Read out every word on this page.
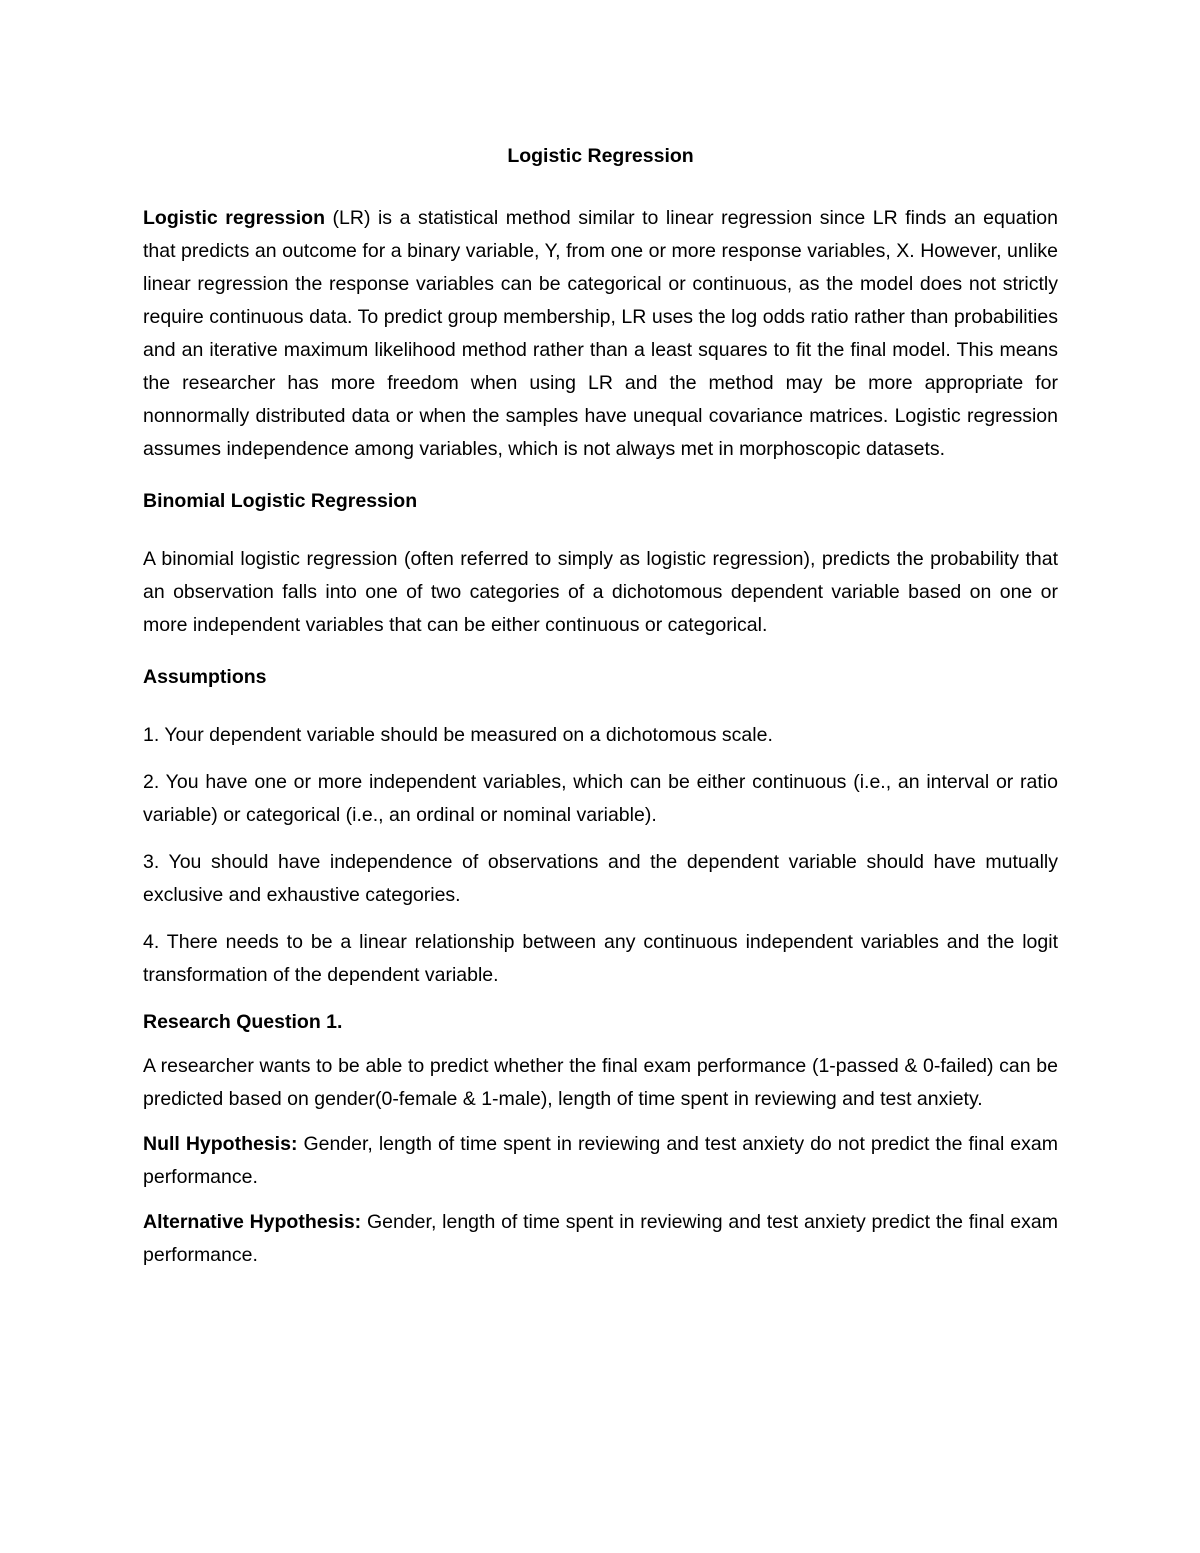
Logistic Regression

Logistic regression (LR) is a statistical method similar to linear regression since LR finds an equation that predicts an outcome for a binary variable, Y, from one or more response variables, X. However, unlike linear regression the response variables can be categorical or continuous, as the model does not strictly require continuous data. To predict group membership, LR uses the log odds ratio rather than probabilities and an iterative maximum likelihood method rather than a least squares to fit the final model. This means the researcher has more freedom when using LR and the method may be more appropriate for nonnormally distributed data or when the samples have unequal covariance matrices. Logistic regression assumes independence among variables, which is not always met in morphoscopic datasets.

Binomial Logistic Regression

A binomial logistic regression (often referred to simply as logistic regression), predicts the probability that an observation falls into one of two categories of a dichotomous dependent variable based on one or more independent variables that can be either continuous or categorical.

Assumptions
1. Your dependent variable should be measured on a dichotomous scale.
2. You have one or more independent variables, which can be either continuous (i.e., an interval or ratio variable) or categorical (i.e., an ordinal or nominal variable).
3. You should have independence of observations and the dependent variable should have mutually exclusive and exhaustive categories.
4. There needs to be a linear relationship between any continuous independent variables and the logit transformation of the dependent variable.
Research Question 1.

A researcher wants to be able to predict whether the final exam performance (1-passed & 0-failed) can be predicted based on gender(0-female & 1-male), length of time spent in reviewing and test anxiety.

Null Hypothesis: Gender, length of time spent in reviewing and test anxiety do not predict the final exam performance.

Alternative Hypothesis: Gender, length of time spent in reviewing and test anxiety predict the final exam performance.
